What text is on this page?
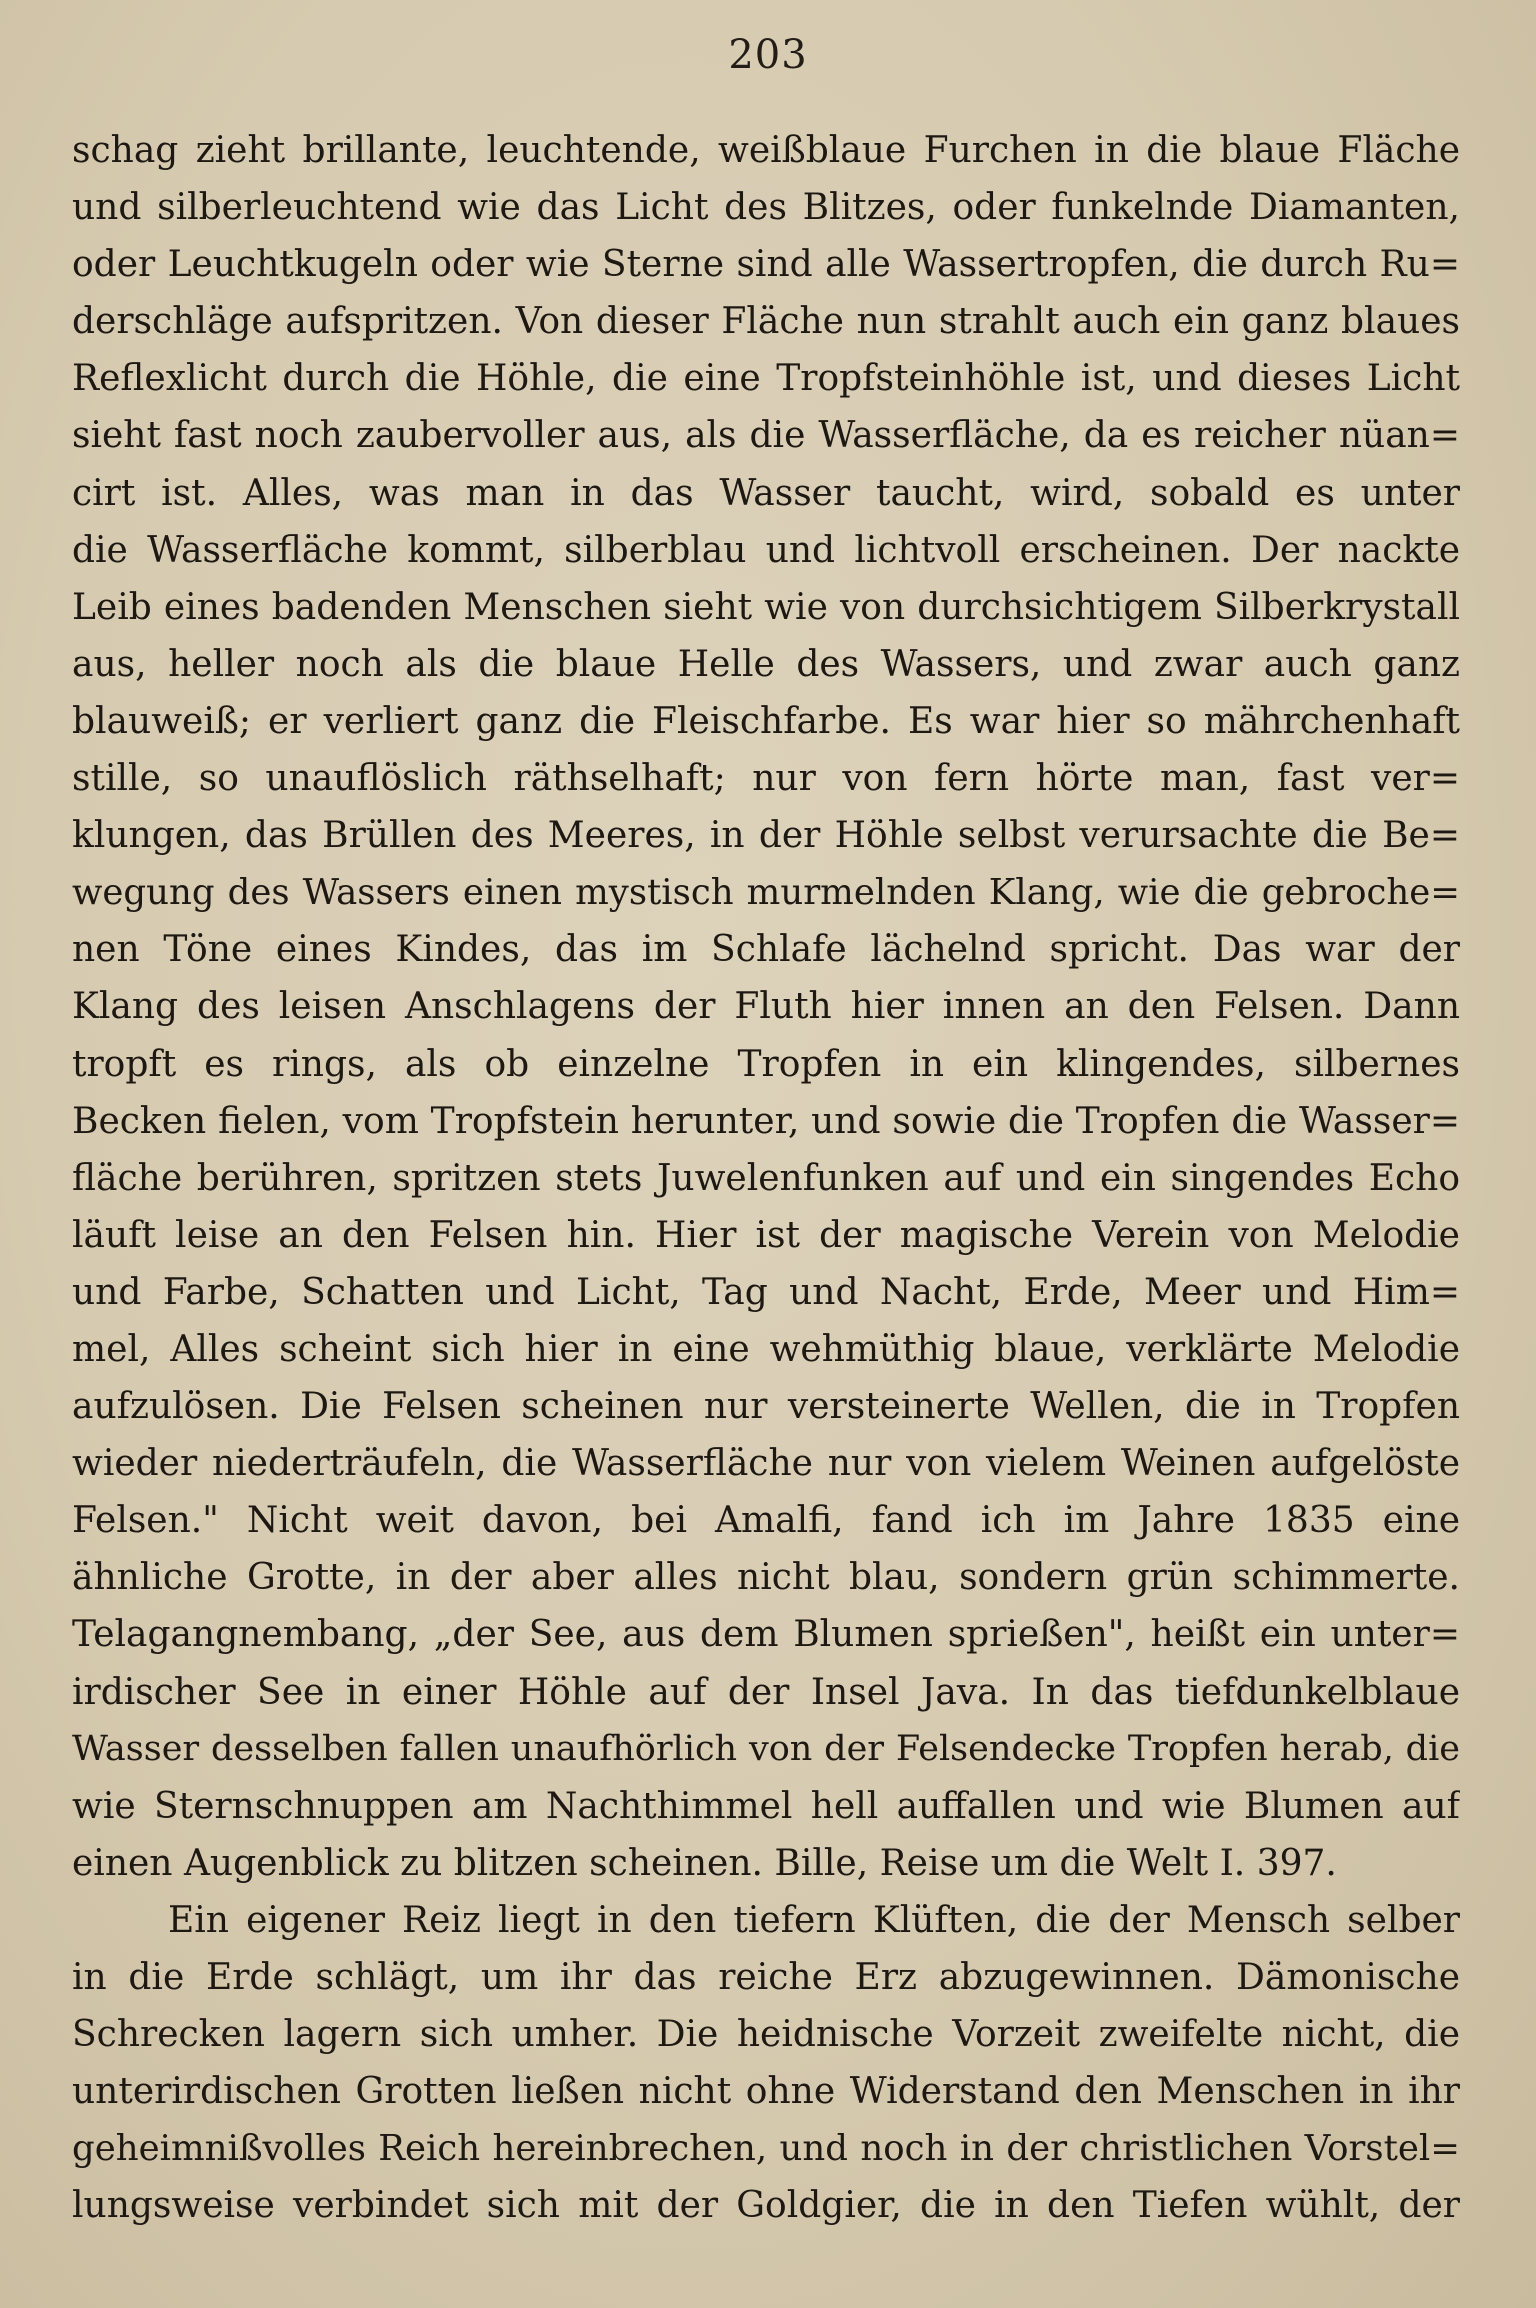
203
schag zieht brillante, leuchtende, weißblaue Furchen in die blaue Fläche
und silberleuchtend wie das Licht des Blitzes, oder funkelnde Diamanten,
oder Leuchtkugeln oder wie Sterne sind alle Wassertropfen, die durch Ru=
derschläge aufspritzen. Von dieser Fläche nun strahlt auch ein ganz blaues
Reflexlicht durch die Höhle, die eine Tropfsteinhöhle ist, und dieses Licht
sieht fast noch zaubervoller aus, als die Wasserfläche, da es reicher nüan=
cirt ist. Alles, was man in das Wasser taucht, wird, sobald es unter
die Wasserfläche kommt, silberblau und lichtvoll erscheinen. Der nackte
Leib eines badenden Menschen sieht wie von durchsichtigem Silberkrystall
aus, heller noch als die blaue Helle des Wassers, und zwar auch ganz
blauweiß; er verliert ganz die Fleischfarbe. Es war hier so mährchenhaft
stille, so unauflöslich räthselhaft; nur von fern hörte man, fast ver=
klungen, das Brüllen des Meeres, in der Höhle selbst verursachte die Be=
wegung des Wassers einen mystisch murmelnden Klang, wie die gebroche=
nen Töne eines Kindes, das im Schlafe lächelnd spricht. Das war der
Klang des leisen Anschlagens der Fluth hier innen an den Felsen. Dann
tropft es rings, als ob einzelne Tropfen in ein klingendes, silbernes
Becken fielen, vom Tropfstein herunter, und sowie die Tropfen die Wasser=
fläche berühren, spritzen stets Juwelenfunken auf und ein singendes Echo
läuft leise an den Felsen hin. Hier ist der magische Verein von Melodie
und Farbe, Schatten und Licht, Tag und Nacht, Erde, Meer und Him=
mel, Alles scheint sich hier in eine wehmüthig blaue, verklärte Melodie
aufzulösen. Die Felsen scheinen nur versteinerte Wellen, die in Tropfen
wieder niederträufeln, die Wasserfläche nur von vielem Weinen aufgelöste
Felsen." Nicht weit davon, bei Amalfi, fand ich im Jahre 1835 eine
ähnliche Grotte, in der aber alles nicht blau, sondern grün schimmerte.
Telagangnembang, „der See, aus dem Blumen sprießen", heißt ein unter=
irdischer See in einer Höhle auf der Insel Java. In das tiefdunkelblaue
Wasser desselben fallen unaufhörlich von der Felsendecke Tropfen herab, die
wie Sternschnuppen am Nachthimmel hell auffallen und wie Blumen auf
einen Augenblick zu blitzen scheinen. Bille, Reise um die Welt I. 397.
Ein eigener Reiz liegt in den tiefern Klüften, die der Mensch selber
in die Erde schlägt, um ihr das reiche Erz abzugewinnen. Dämonische
Schrecken lagern sich umher. Die heidnische Vorzeit zweifelte nicht, die
unterirdischen Grotten ließen nicht ohne Widerstand den Menschen in ihr
geheimnißvolles Reich hereinbrechen, und noch in der christlichen Vorstel=
lungsweise verbindet sich mit der Goldgier, die in den Tiefen wühlt, der
